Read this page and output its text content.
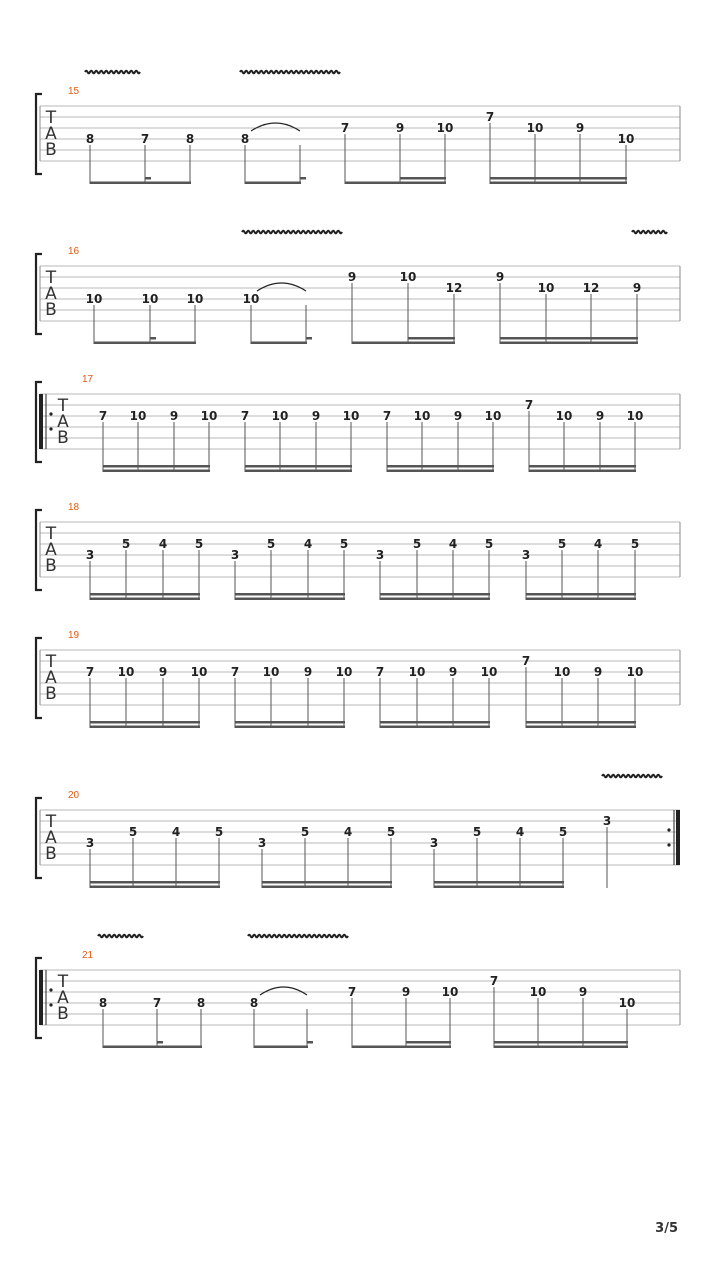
15
T
A
B
8	7	8	8
7	9	10
7
10	9
10
16
T
A
B
10	10 10	10
9	10
12
9
10 12	9
17
T
A
B
7 10 9 10 7 10 9 10 7 10 9 10
7
10 9 10
18
T
A
B
3
5 4 5
3
5 4 5
3
5 4 5
3
5 4 5
19
T
A
B
7 10 9 10 7 10 9 10 7 10 9 10
7
10 9 10
20
T
A
B
3
5	4	5
3
5	4	5
3
5	4	5
3
21
T
A
B
8	7	8	8
7	9	10
7
10	9
10
3/5
